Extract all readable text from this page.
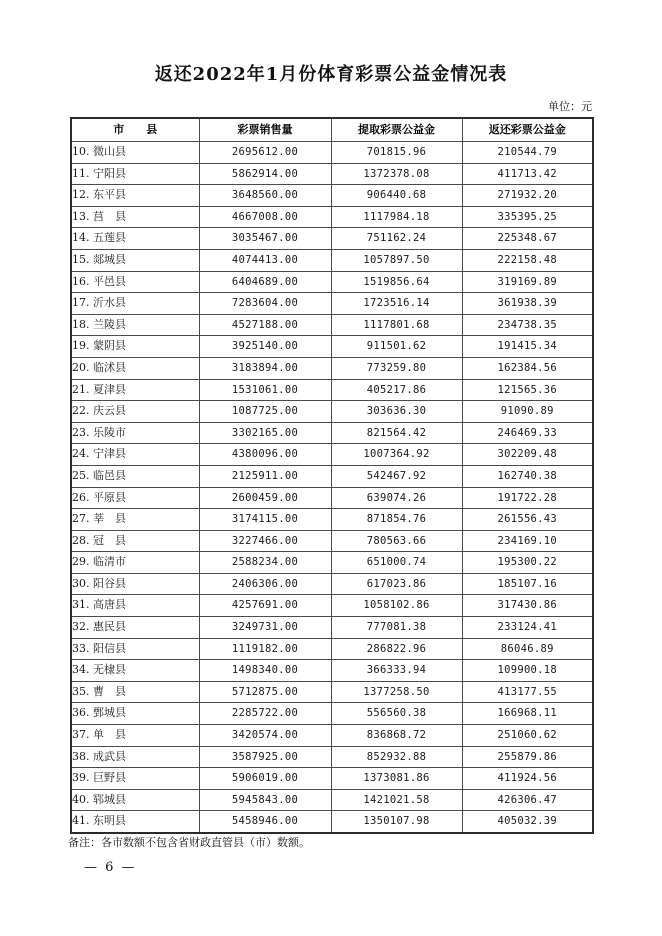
返还2022年1月份体育彩票公益金情况表
单位：元
市　　县	彩票销售量	提取彩票公益金	返还彩票公益金
10. 微山县	2695612.00	701815.96	210544.79
11. 宁阳县	5862914.00	1372378.08	411713.42
12. 东平县	3648560.00	906440.68	271932.20
13. 莒　县	4667008.00	1117984.18	335395.25
14. 五莲县	3035467.00	751162.24	225348.67
15. 郯城县	4074413.00	1057897.50	222158.48
16. 平邑县	6404689.00	1519856.64	319169.89
17. 沂水县	7283604.00	1723516.14	361938.39
18. 兰陵县	4527188.00	1117801.68	234738.35
19. 蒙阴县	3925140.00	911501.62	191415.34
20. 临沭县	3183894.00	773259.80	162384.56
21. 夏津县	1531061.00	405217.86	121565.36
22. 庆云县	1087725.00	303636.30	91090.89
23. 乐陵市	3302165.00	821564.42	246469.33
24. 宁津县	4380096.00	1007364.92	302209.48
25. 临邑县	2125911.00	542467.92	162740.38
26. 平原县	2600459.00	639074.26	191722.28
27. 莘　县	3174115.00	871854.76	261556.43
28. 冠　县	3227466.00	780563.66	234169.10
29. 临清市	2588234.00	651000.74	195300.22
30. 阳谷县	2406306.00	617023.86	185107.16
31. 高唐县	4257691.00	1058102.86	317430.86
32. 惠民县	3249731.00	777081.38	233124.41
33. 阳信县	1119182.00	286822.96	86046.89
34. 无棣县	1498340.00	366333.94	109900.18
35. 曹　县	5712875.00	1377258.50	413177.55
36. 鄄城县	2285722.00	556560.38	166968.11
37. 单　县	3420574.00	836868.72	251060.62
38. 成武县	3587925.00	852932.88	255879.86
39. 巨野县	5906019.00	1373081.86	411924.56
40. 郓城县	5945843.00	1421021.58	426306.47
41. 东明县	5458946.00	1350107.98	405032.39
备注：各市数额不包含省财政直管县（市）数额。
— 6 —
